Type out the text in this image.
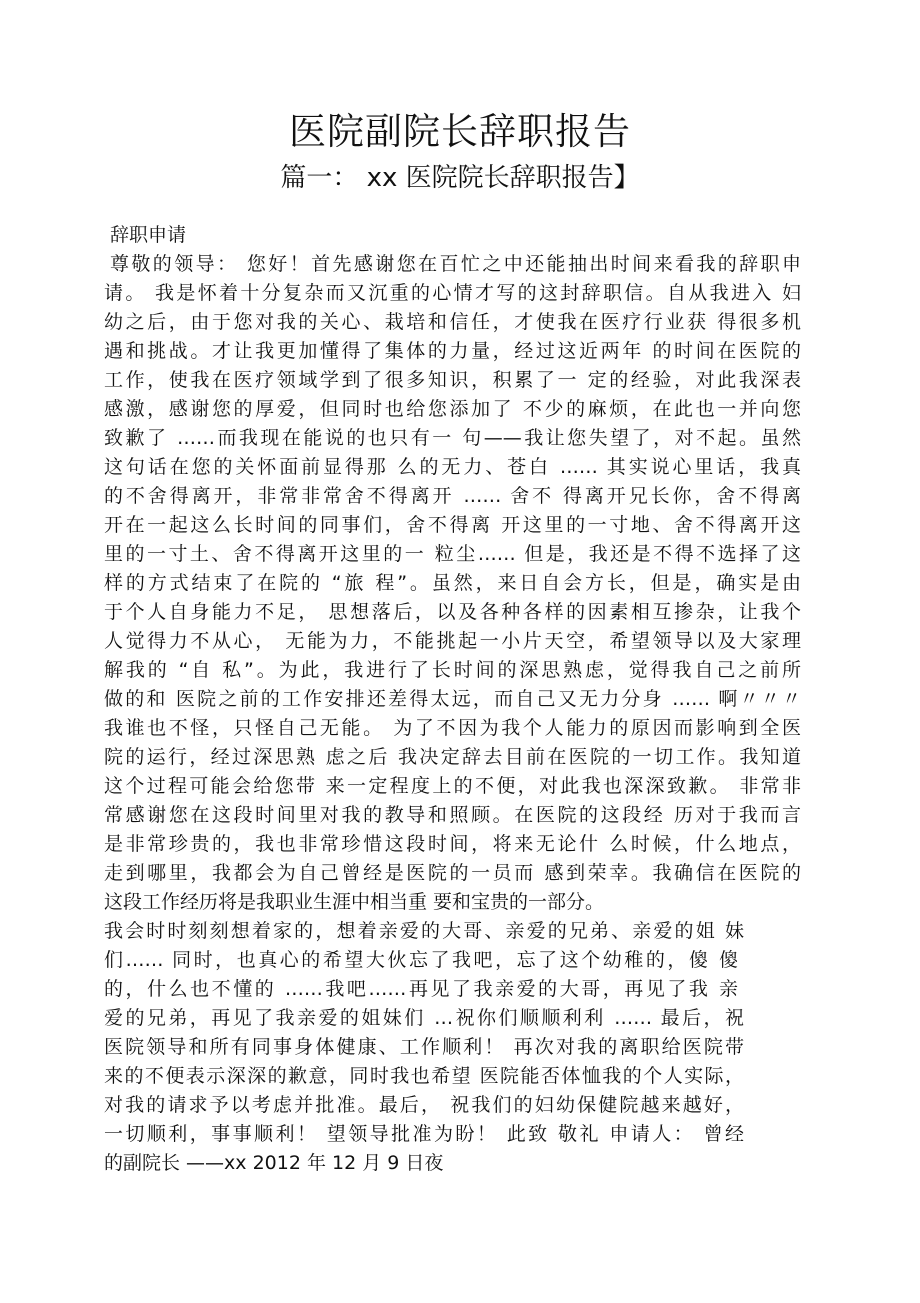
医院副院长辞职报告
篇一： xx 医院院长辞职报告】
辞职申请
尊敬的领导： 您好！首先感谢您在百忙之中还能抽出时间来看我的辞职申
请。 我是怀着十分复杂而又沉重的心情才写的这封辞职信。自从我进入 妇
幼之后，由于您对我的关心、栽培和信任，才使我在医疗行业获 得很多机
遇和挑战。才让我更加懂得了集体的力量，经过这近两年 的时间在医院的
工作，使我在医疗领域学到了很多知识，积累了一 定的经验，对此我深表
感激，感谢您的厚爱，但同时也给您添加了 不少的麻烦，在此也一并向您
致歉了 ……而我现在能说的也只有一 句——我让您失望了，对不起。虽然
这句话在您的关怀面前显得那 么的无力、苍白 …… 其实说心里话，我真
的不舍得离开，非常非常舍不得离开 …… 舍不 得离开兄长你，舍不得离
开在一起这么长时间的同事们，舍不得离 开这里的一寸地、舍不得离开这
里的一寸土、舍不得离开这里的一 粒尘…… 但是，我还是不得不选择了这
样的方式结束了在院的 “旅 程”。虽然，来日自会方长，但是，确实是由
于个人自身能力不足， 思想落后，以及各种各样的因素相互掺杂，让我个
人觉得力不从心， 无能为力，不能挑起一小片天空，希望领导以及大家理
解我的 “自 私”。为此，我进行了长时间的深思熟虑，觉得我自己之前所
做的和 医院之前的工作安排还差得太远，而自己又无力分身 …… 啊〃〃〃
我谁也不怪，只怪自己无能。 为了不因为我个人能力的原因而影响到全医
院的运行，经过深思熟 虑之后 我决定辞去目前在医院的一切工作。我知道
这个过程可能会给您带 来一定程度上的不便，对此我也深深致歉。 非常非
常感谢您在这段时间里对我的教导和照顾。在医院的这段经 历对于我而言
是非常珍贵的，我也非常珍惜这段时间，将来无论什 么时候，什么地点，
走到哪里，我都会为自己曾经是医院的一员而 感到荣幸。我确信在医院的
这段工作经历将是我职业生涯中相当重 要和宝贵的一部分。
我会时时刻刻想着家的，想着亲爱的大哥、亲爱的兄弟、亲爱的姐 妹
们…… 同时，也真心的希望大伙忘了我吧，忘了这个幼稚的，傻 傻
的，什么也不懂的 ……我吧……再见了我亲爱的大哥，再见了我 亲
爱的兄弟，再见了我亲爱的姐妹们 …祝你们顺顺利利 …… 最后，祝
医院领导和所有同事身体健康、工作顺利！ 再次对我的离职给医院带
来的不便表示深深的歉意，同时我也希望 医院能否体恤我的个人实际，
对我的请求予以考虑并批准。最后， 祝我们的妇幼保健院越来越好，
一切顺利，事事顺利！ 望领导批准为盼！ 此致 敬礼 申请人： 曾经
的副院长 ——xx 2012 年 12 月 9 日夜
